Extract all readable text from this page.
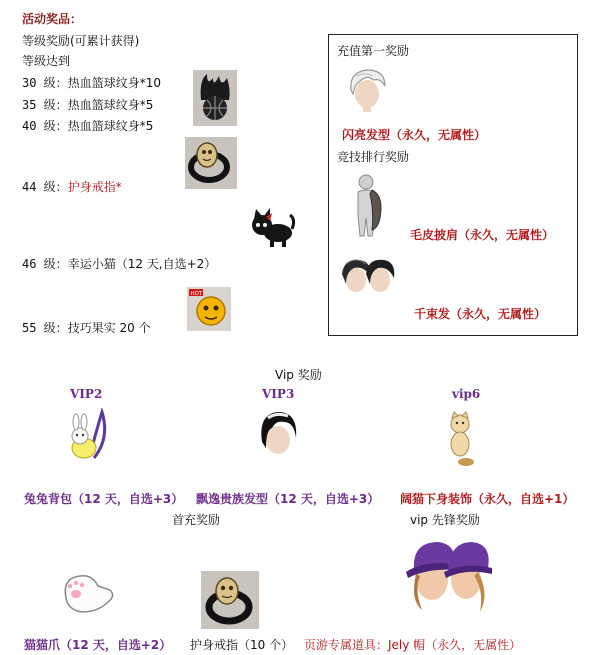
活动奖品：
等级奖励(可累计获得)
等级达到
30 级：热血篮球纹身*10
35 级：热血篮球纹身*5
40 级：热血篮球纹身*5
44 级：护身戒指*
46 级：幸运小猫（12 天,自选+2）
55 级：技巧果实 20 个
HOT
充值第一奖励
闪亮发型（永久，无属性）
竞技排行奖励
毛皮披肩（永久，无属性）
千束发（永久，无属性）
Vip 奖励
VIP2	VIP3	vip6
兔兔背包（12 天，自选+3） 飘逸贵族发型（12 天，自选+3） 阔猫下身装饰（永久，自选+1）
首充奖励	vip 先锋奖励
猫猫爪（12 天，自选+2） 护身戒指（10 个） 页游专属道具：Jely 帽（永久，无属性）
